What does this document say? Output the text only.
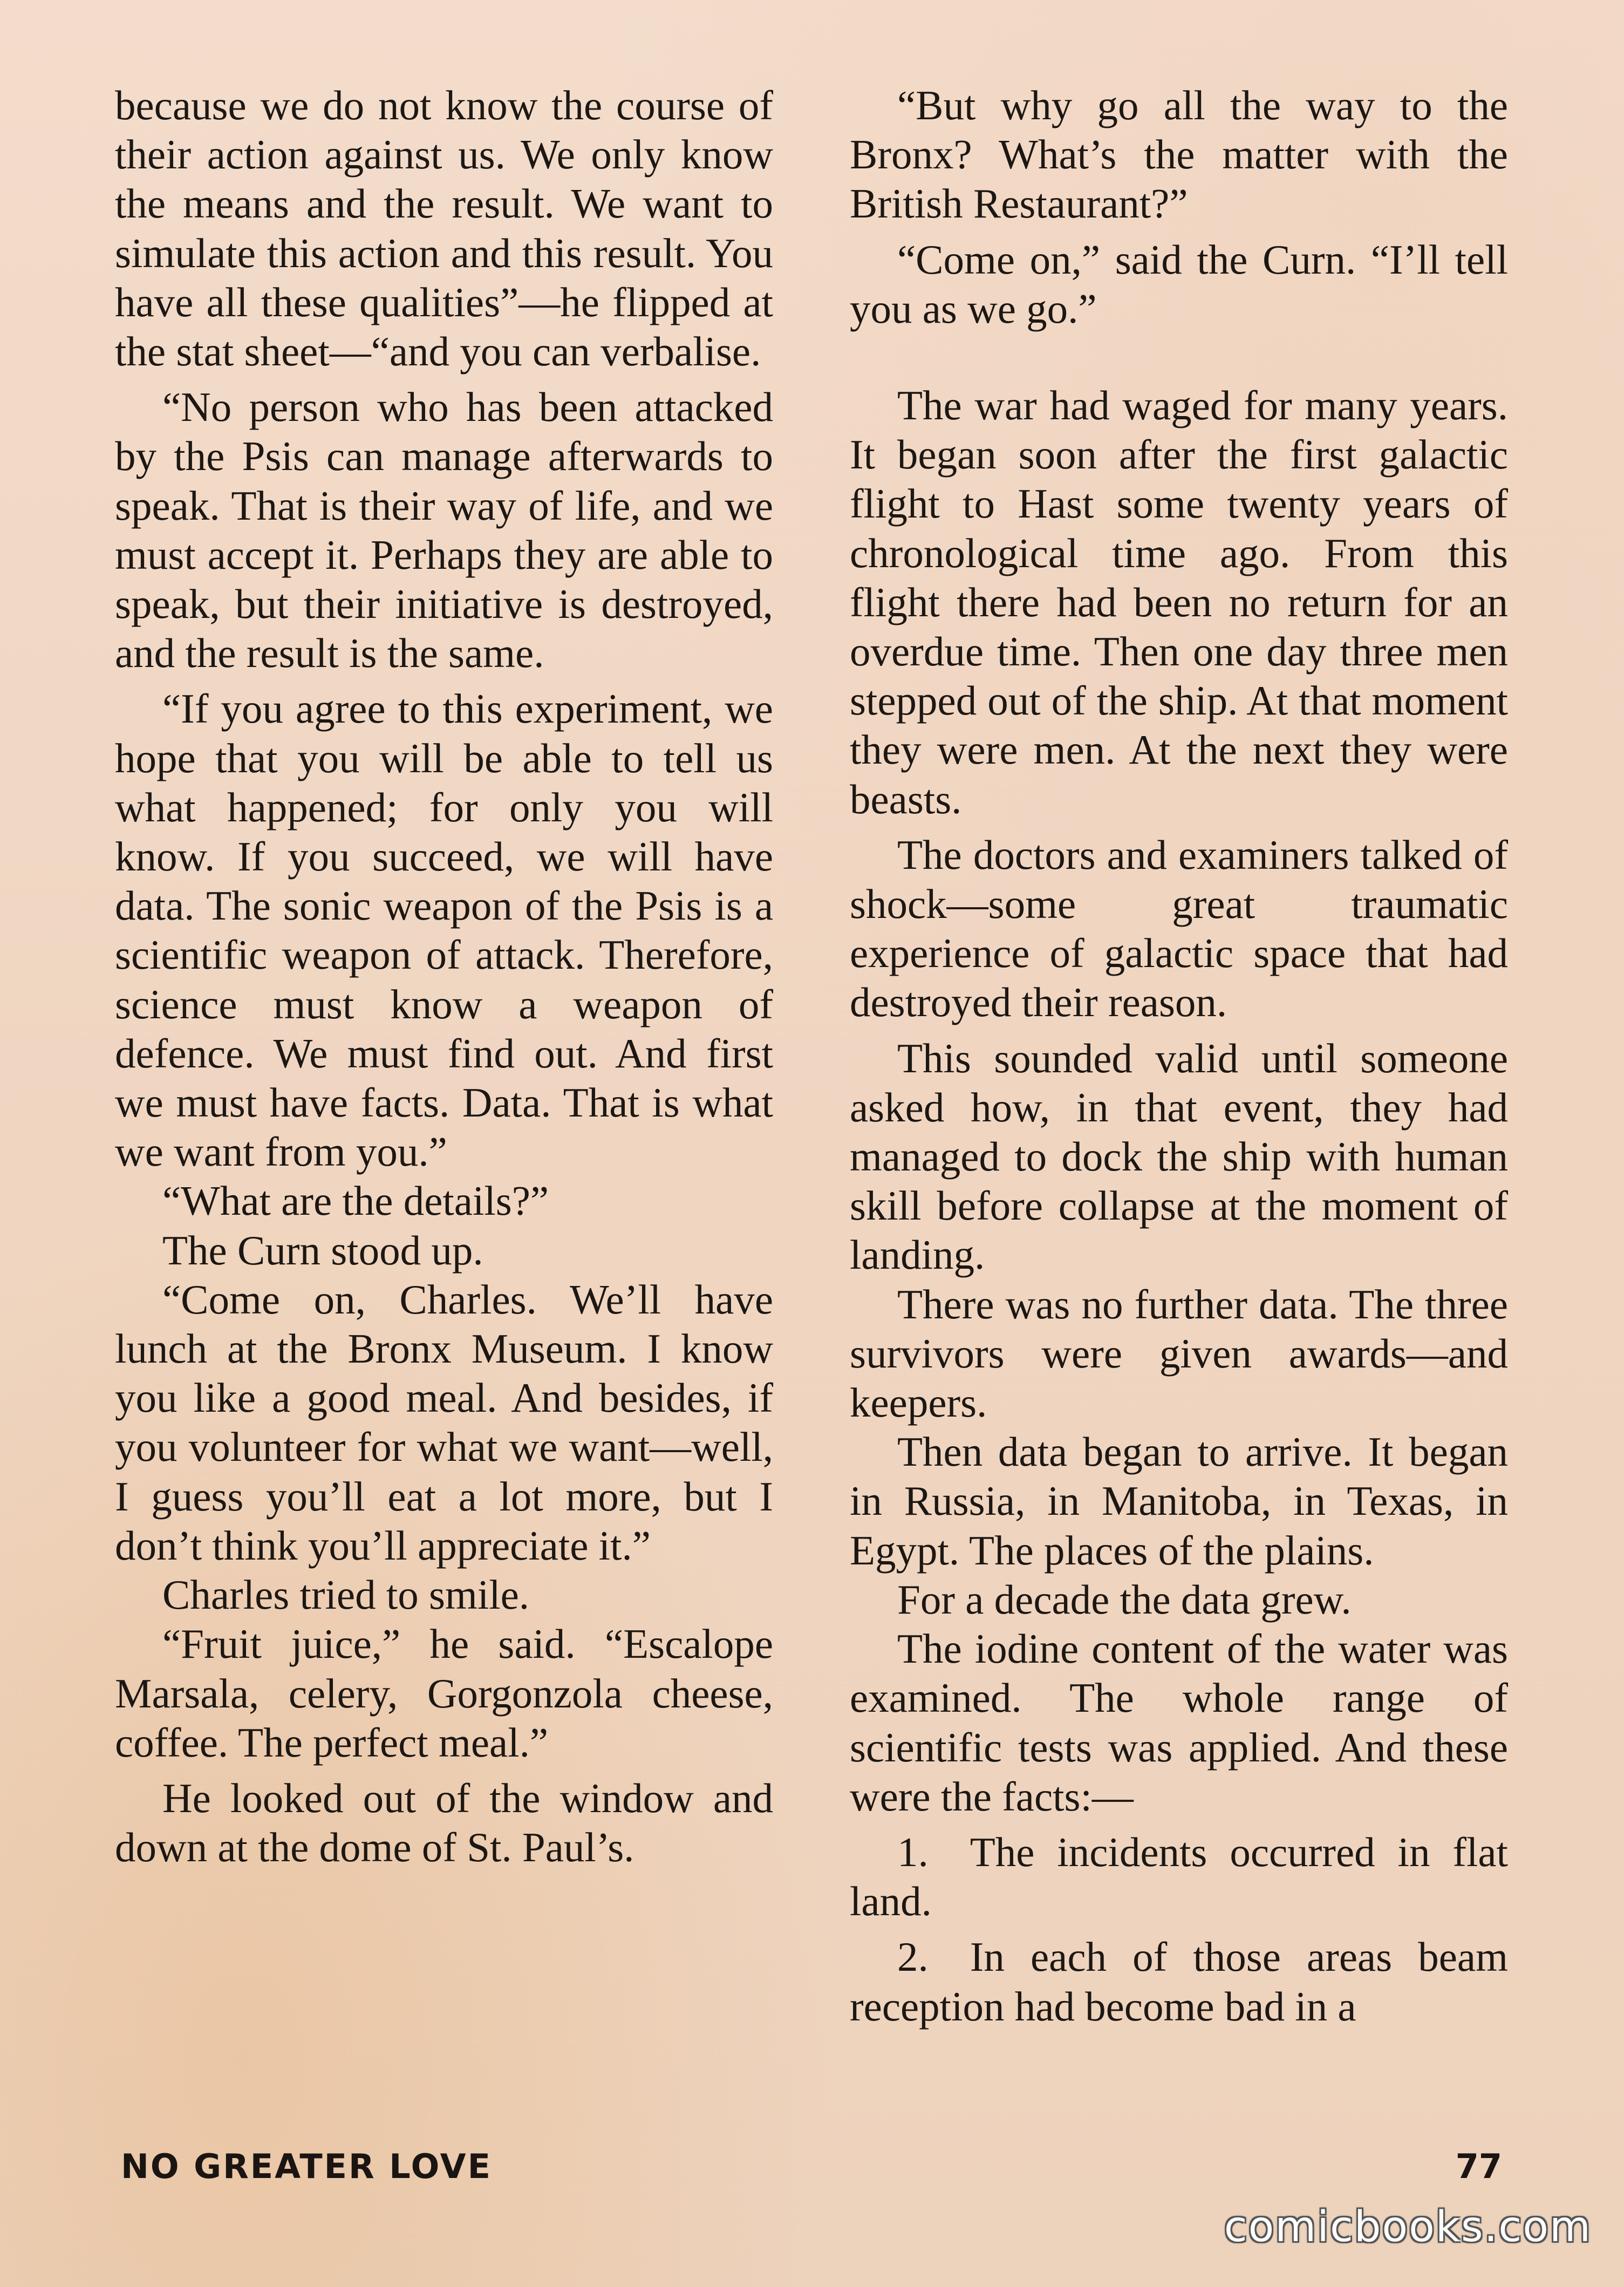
because we do not know the course of their action against us. We only know the means and the result. We want to simulate this action and this result. You have all these qualities”—he flipped at the stat sheet—“and you can verbalise.

“No person who has been attacked by the Psis can manage afterwards to speak. That is their way of life, and we must accept it. Perhaps they are able to speak, but their initiative is destroyed, and the result is the same.

“If you agree to this experiment, we hope that you will be able to tell us what happened; for only you will know. If you succeed, we will have data. The sonic weapon of the Psis is a scientific weapon of attack. Therefore, science must know a weapon of defence. We must find out. And first we must have facts. Data. That is what we want from you.”

“What are the details?”

The Curn stood up.

“Come on, Charles. We’ll have lunch at the Bronx Museum. I know you like a good meal. And besides, if you volunteer for what we want—well, I guess you’ll eat a lot more, but I don’t think you’ll appreciate it.”

Charles tried to smile.

“Fruit juice,” he said. “Escalope Marsala, celery, Gorgonzola cheese, coffee. The perfect meal.”

He looked out of the window and down at the dome of St. Paul’s.

“But why go all the way to the Bronx? What’s the matter with the British Restaurant?”

“Come on,” said the Curn. “I’ll tell you as we go.”

The war had waged for many years. It began soon after the first galactic flight to Hast some twenty years of chronological time ago. From this flight there had been no return for an overdue time. Then one day three men stepped out of the ship. At that moment they were men. At the next they were beasts.

The doctors and examiners talked of shock—some great traumatic experience of galactic space that had destroyed their reason.

This sounded valid until someone asked how, in that event, they had managed to dock the ship with human skill before collapse at the moment of landing.

There was no further data. The three survivors were given awards—and keepers.

Then data began to arrive. It began in Russia, in Manitoba, in Texas, in Egypt. The places of the plains.

For a decade the data grew.

The iodine content of the water was examined. The whole range of scientific tests was applied. And these were the facts:—

1. The incidents occurred in flat land.

2. In each of those areas beam reception had become bad in a

NO GREATER LOVE	77
comicbooks.com
